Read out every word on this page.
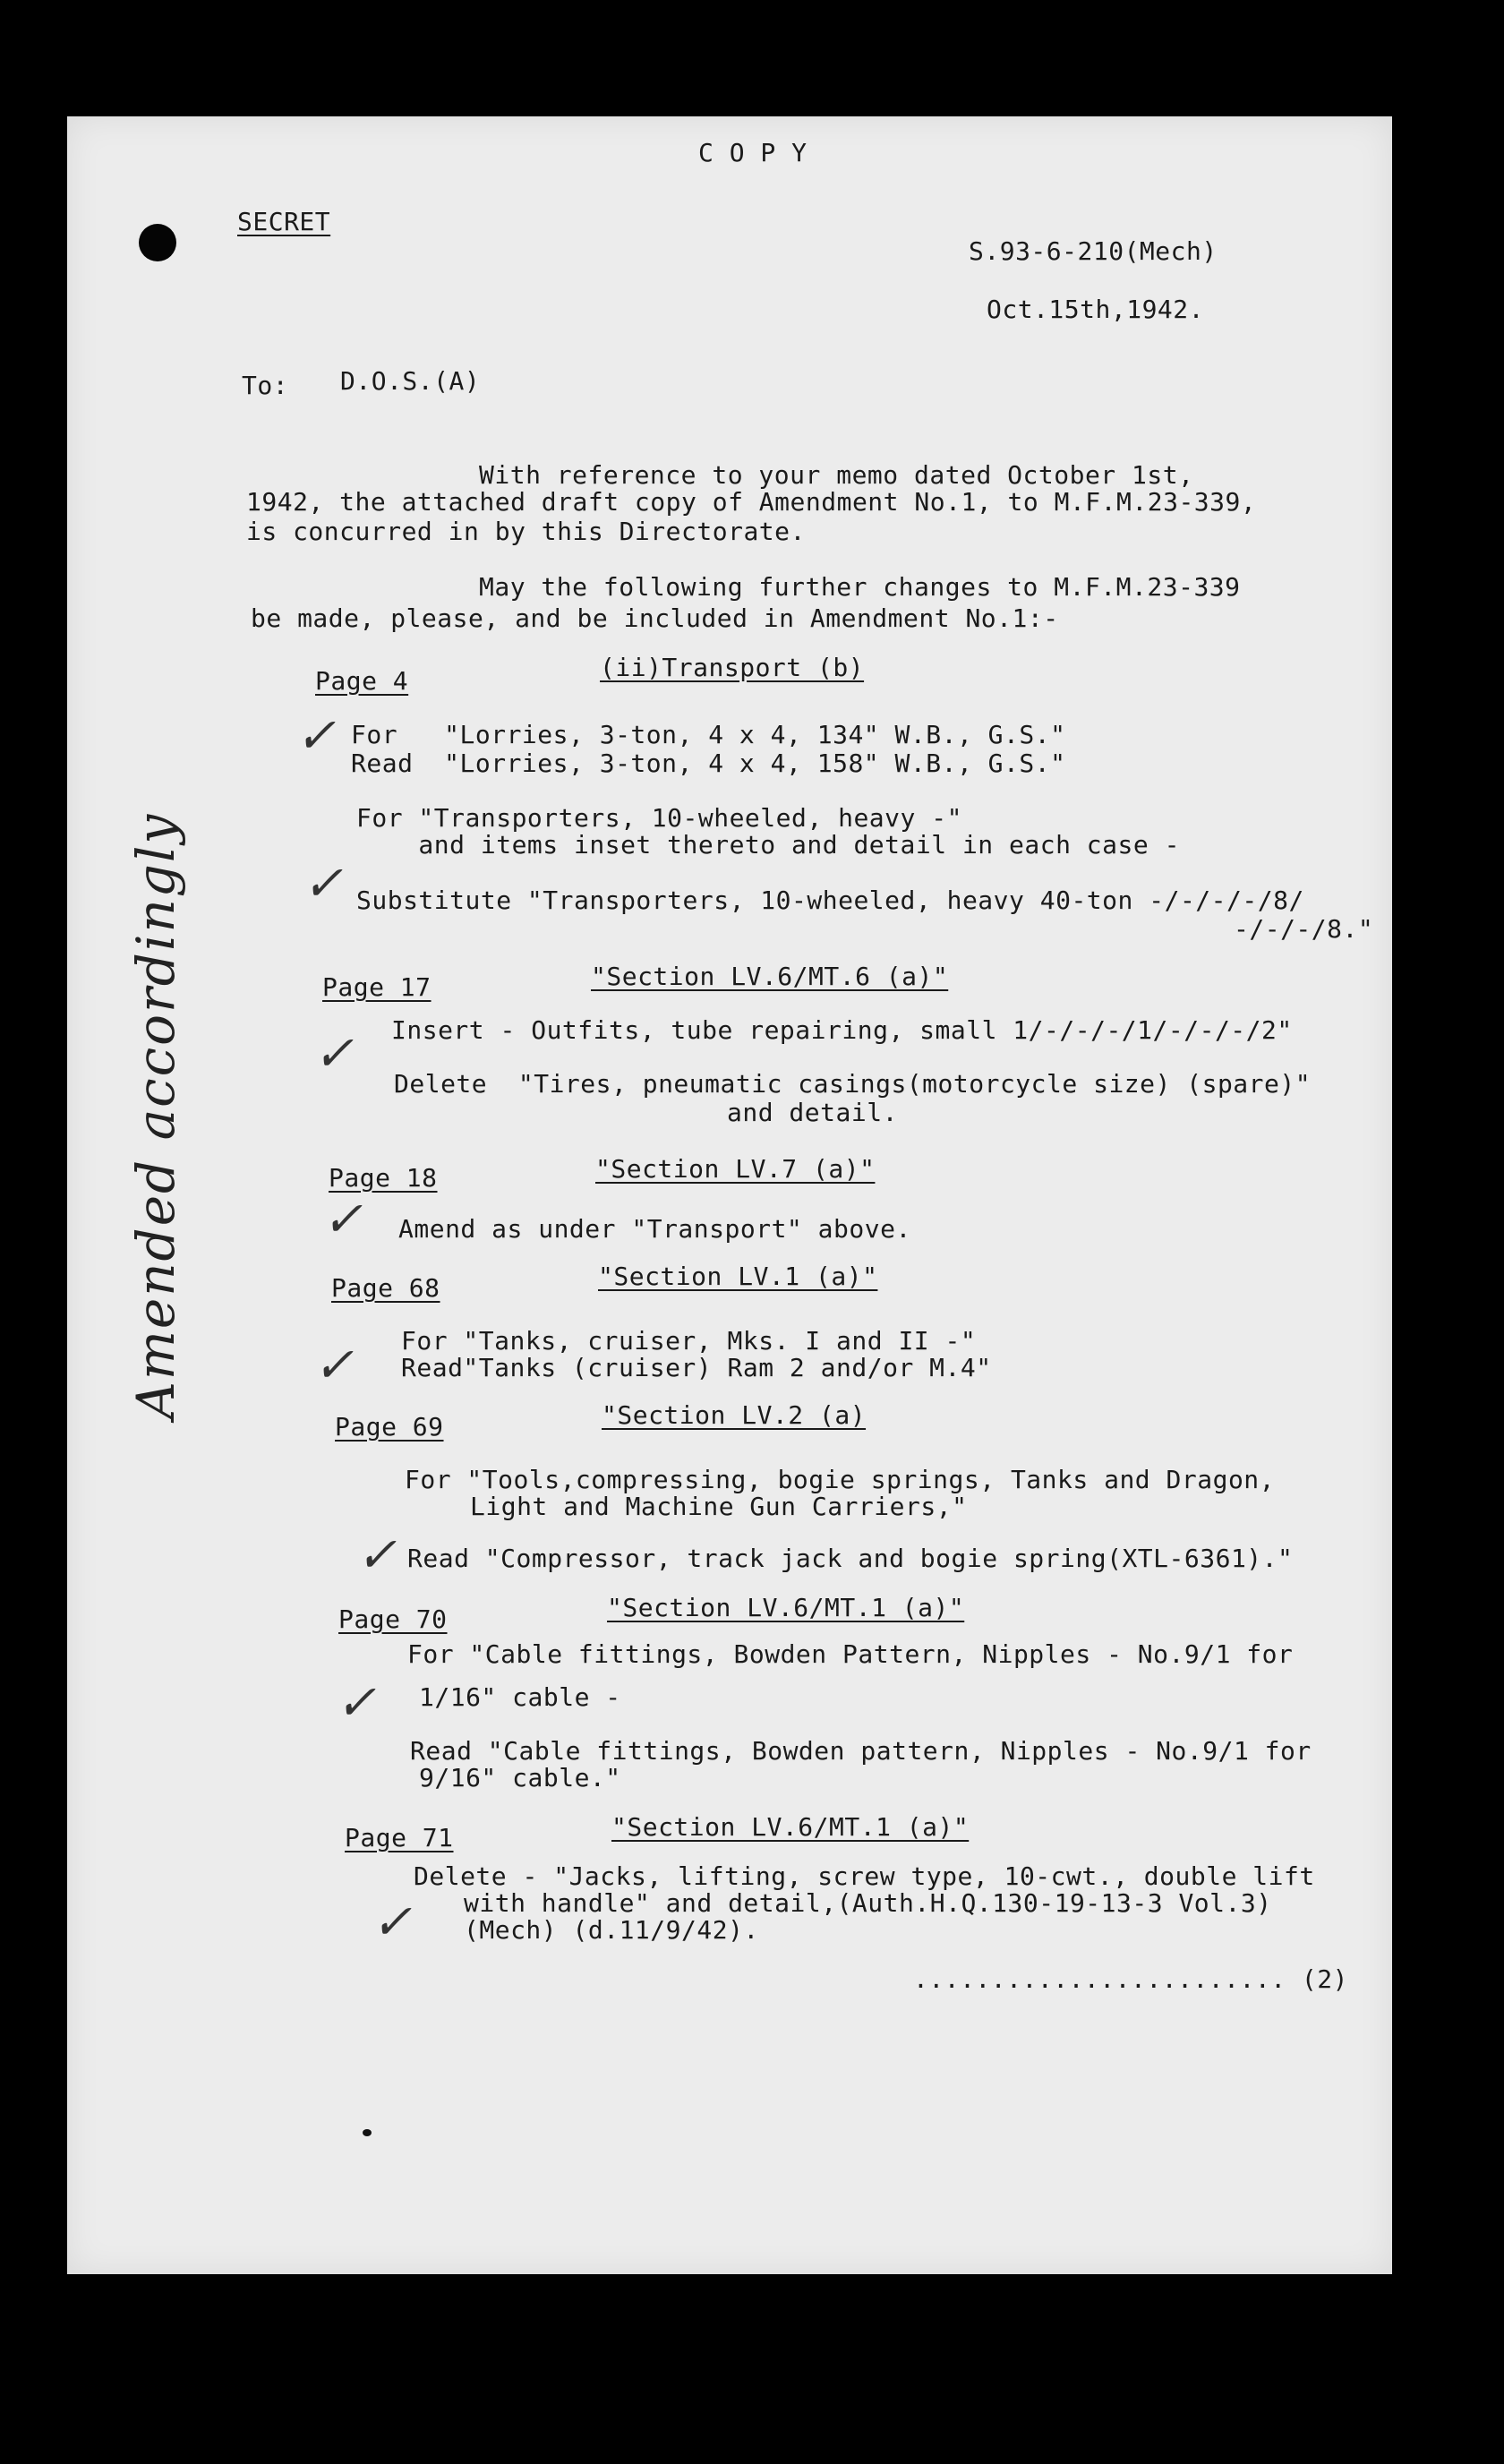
C O P Y
SECRET
S.93-6-210(Mech)
Oct.15th,1942.
To: D.O.S.(A)
With reference to your memo dated October 1st,
1942, the attached draft copy of Amendment No.1, to M.F.M.23-339,
is concurred in by this Directorate.
May the following further changes to M.F.M.23-339
be made, please, and be included in Amendment No.1:-
Amended accordingly
Page 4	(ii)Transport (b)
✓ For   "Lorries, 3-ton, 4 x 4, 134" W.B., G.S."
Read  "Lorries, 3-ton, 4 x 4, 158" W.B., G.S."
For "Transporters, 10-wheeled, heavy -"
and items inset thereto and detail in each case -
✓ Substitute "Transporters, 10-wheeled, heavy 40-ton -/-/-/-/8/
-/-/-/8."
Page 17	"Section LV.6/MT.6 (a)"
✓ Insert - Outfits, tube repairing, small 1/-/-/-/1/-/-/-/2"
Delete  "Tires, pneumatic casings(motorcycle size) (spare)"
and detail.
Page 18	"Section LV.7 (a)"
✓ Amend as under "Transport" above.
Page 68	"Section LV.1 (a)"
For "Tanks, cruiser, Mks. I and II -"
Read"Tanks (cruiser) Ram 2 and/or M.4"
✓
Page 69	"Section LV.2 (a)
For "Tools,compressing, bogie springs, Tanks and Dragon,
Light and Machine Gun Carriers,"
✓ Read "Compressor, track jack and bogie spring(XTL-6361)."
Page 70	"Section LV.6/MT.1 (a)"
For "Cable fittings, Bowden Pattern, Nipples - No.9/1 for
1/16" cable -
✓
Read "Cable fittings, Bowden pattern, Nipples - No.9/1 for
9/16" cable."
Page 71	"Section LV.6/MT.1 (a)"
Delete - "Jacks, lifting, screw type, 10-cwt., double lift
with handle" and detail,(Auth.H.Q.130-19-13-3 Vol.3)
(Mech) (d.11/9/42).
✓
........................ (2)
